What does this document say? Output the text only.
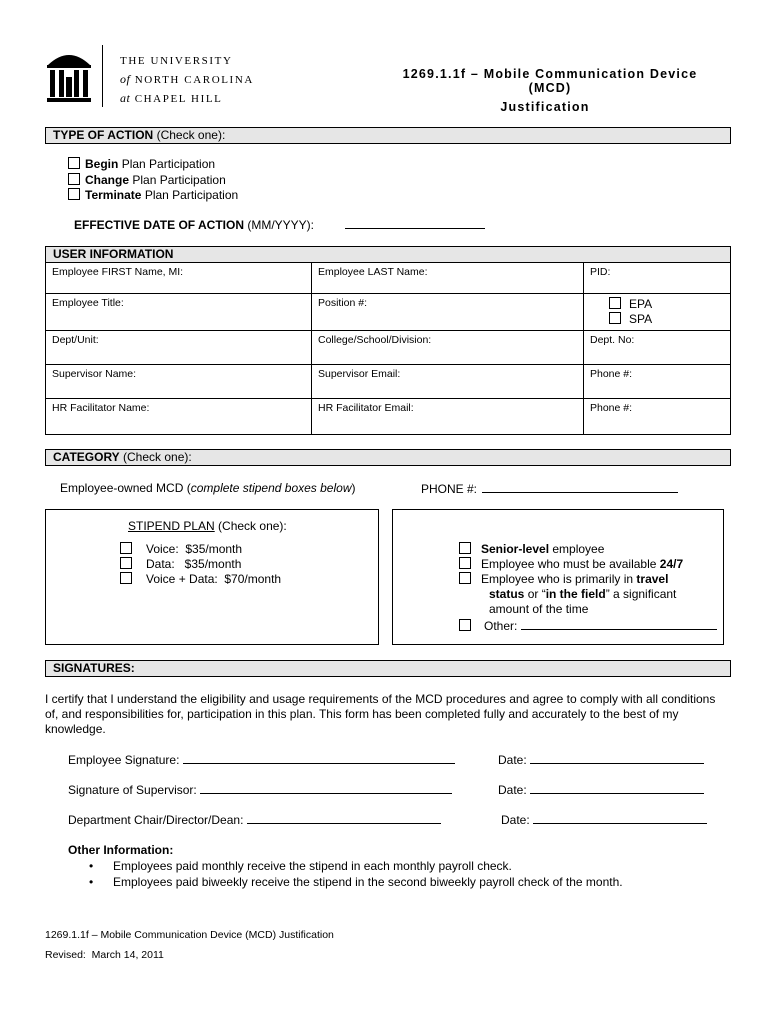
THE UNIVERSITY
of NORTH CAROLINA
at CHAPEL HILL
1269.1.1f – Mobile Communication Device (MCD)
Justification
TYPE OF ACTION (Check one):
Begin Plan Participation
Change Plan Participation
Terminate Plan Participation
EFFECTIVE DATE OF ACTION (MM/YYYY):
USER INFORMATION
Employee FIRST Name, MI:	Employee LAST Name:	PID:
Employee Title:	Position #:	EPA
SPA

Dept/Unit:	College/School/Division:	Dept. No:
Supervisor Name:	Supervisor Email:	Phone #:
HR Facilitator Name:	HR Facilitator Email:	Phone #:
CATEGORY (Check one):
Employee-owned MCD (complete stipend boxes below)	PHONE #:
STIPEND PLAN (Check one):
Voice:  $35/month
Data:   $35/month
Voice + Data:  $70/month
Senior-level employee
Employee who must be available 24/7
Employee who is primarily in travel
status or “in the field” a significant
amount of the time
Other:
SIGNATURES:
I certify that I understand the eligibility and usage requirements of the MCD procedures and agree to comply with all conditions of, and responsibilities for, participation in this plan. This form has been completed fully and accurately to the best of my knowledge.
Employee Signature:	Date:
Signature of Supervisor:	Date:
Department Chair/Director/Dean:	Date:
Other Information:
• Employees paid monthly receive the stipend in each monthly payroll check.
• Employees paid biweekly receive the stipend in the second biweekly payroll check of the month.
1269.1.1f – Mobile Communication Device (MCD) Justification
Revised:  March 14, 2011
